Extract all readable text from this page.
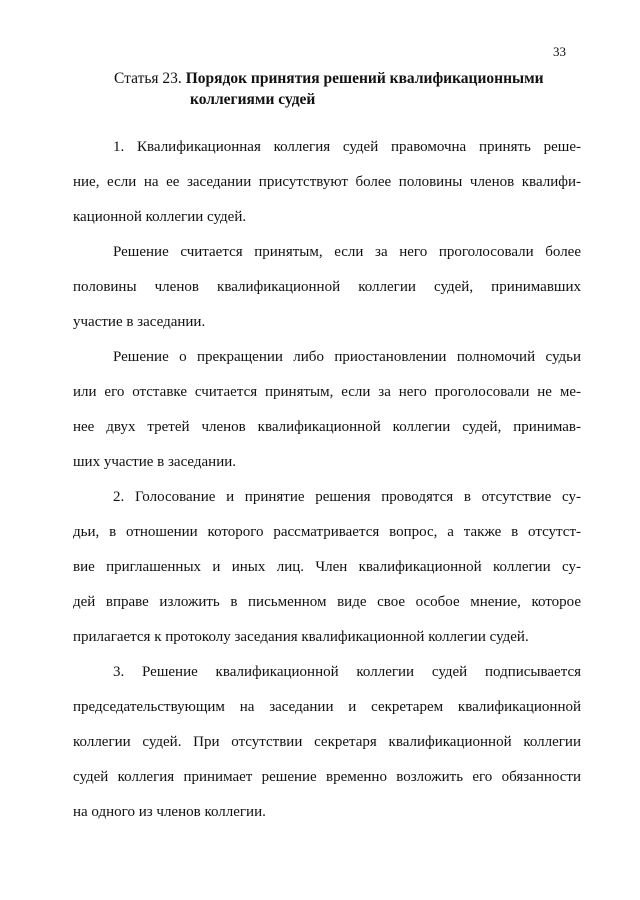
33
Статья 23. Порядок принятия решений квалификационными
коллегиями судей
1. Квалификационная коллегия судей правомочна принять реше-
ние, если на ее заседании присутствуют более половины членов квалифи-
кационной коллегии судей.
Решение считается принятым, если за него проголосовали более
половины членов квалификационной коллегии судей, принимавших
участие в заседании.
Решение о прекращении либо приостановлении полномочий судьи
или его отставке считается принятым, если за него проголосовали не ме-
нее двух третей членов квалификационной коллегии судей, принимав-
ших участие в заседании.
2. Голосование и принятие решения проводятся в отсутствие су-
дьи, в отношении которого рассматривается вопрос, а также в отсутст-
вие приглашенных и иных лиц. Член квалификационной коллегии су-
дей вправе изложить в письменном виде свое особое мнение, которое
прилагается к протоколу заседания квалификационной коллегии судей.
3. Решение квалификационной коллегии судей подписывается
председательствующим на заседании и секретарем квалификационной
коллегии судей. При отсутствии секретаря квалификационной коллегии
судей коллегия принимает решение временно возложить его обязанности
на одного из членов коллегии.
